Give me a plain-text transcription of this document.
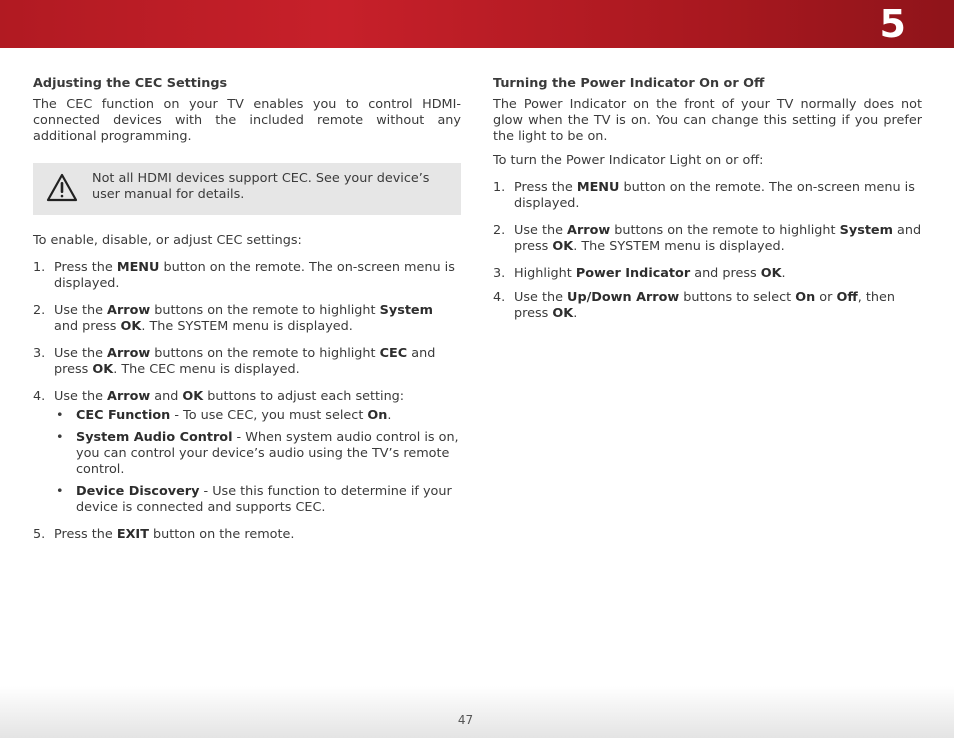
5
Adjusting the CEC Settings

The CEC function on your TV enables you to control HDMI-connected devices with the included remote without any additional programming.

Not all HDMI devices support CEC. See your device’s user manual for details.

To enable, disable, or adjust CEC settings:

1. Press the MENU button on the remote. The on-screen menu is displayed.
2. Use the Arrow buttons on the remote to highlight System and press OK. The SYSTEM menu is displayed.
3. Use the Arrow buttons on the remote to highlight CEC and press OK. The CEC menu is displayed.
4. Use the Arrow and OK buttons to adjust each setting:
• CEC Function - To use CEC, you must select On.
• System Audio Control - When system audio control is on, you can control your device’s audio using the TV’s remote control.
• Device Discovery - Use this function to determine if your device is connected and supports CEC.
5. Press the EXIT button on the remote.
Turning the Power Indicator On or Off

The Power Indicator on the front of your TV normally does not glow when the TV is on. You can change this setting if you prefer the light to be on.

To turn the Power Indicator Light on or off:

1. Press the MENU button on the remote. The on-screen menu is displayed.
2. Use the Arrow buttons on the remote to highlight System and press OK. The SYSTEM menu is displayed.
3. Highlight Power Indicator and press OK.
4. Use the Up/Down Arrow buttons to select On or Off, then press OK.
47
